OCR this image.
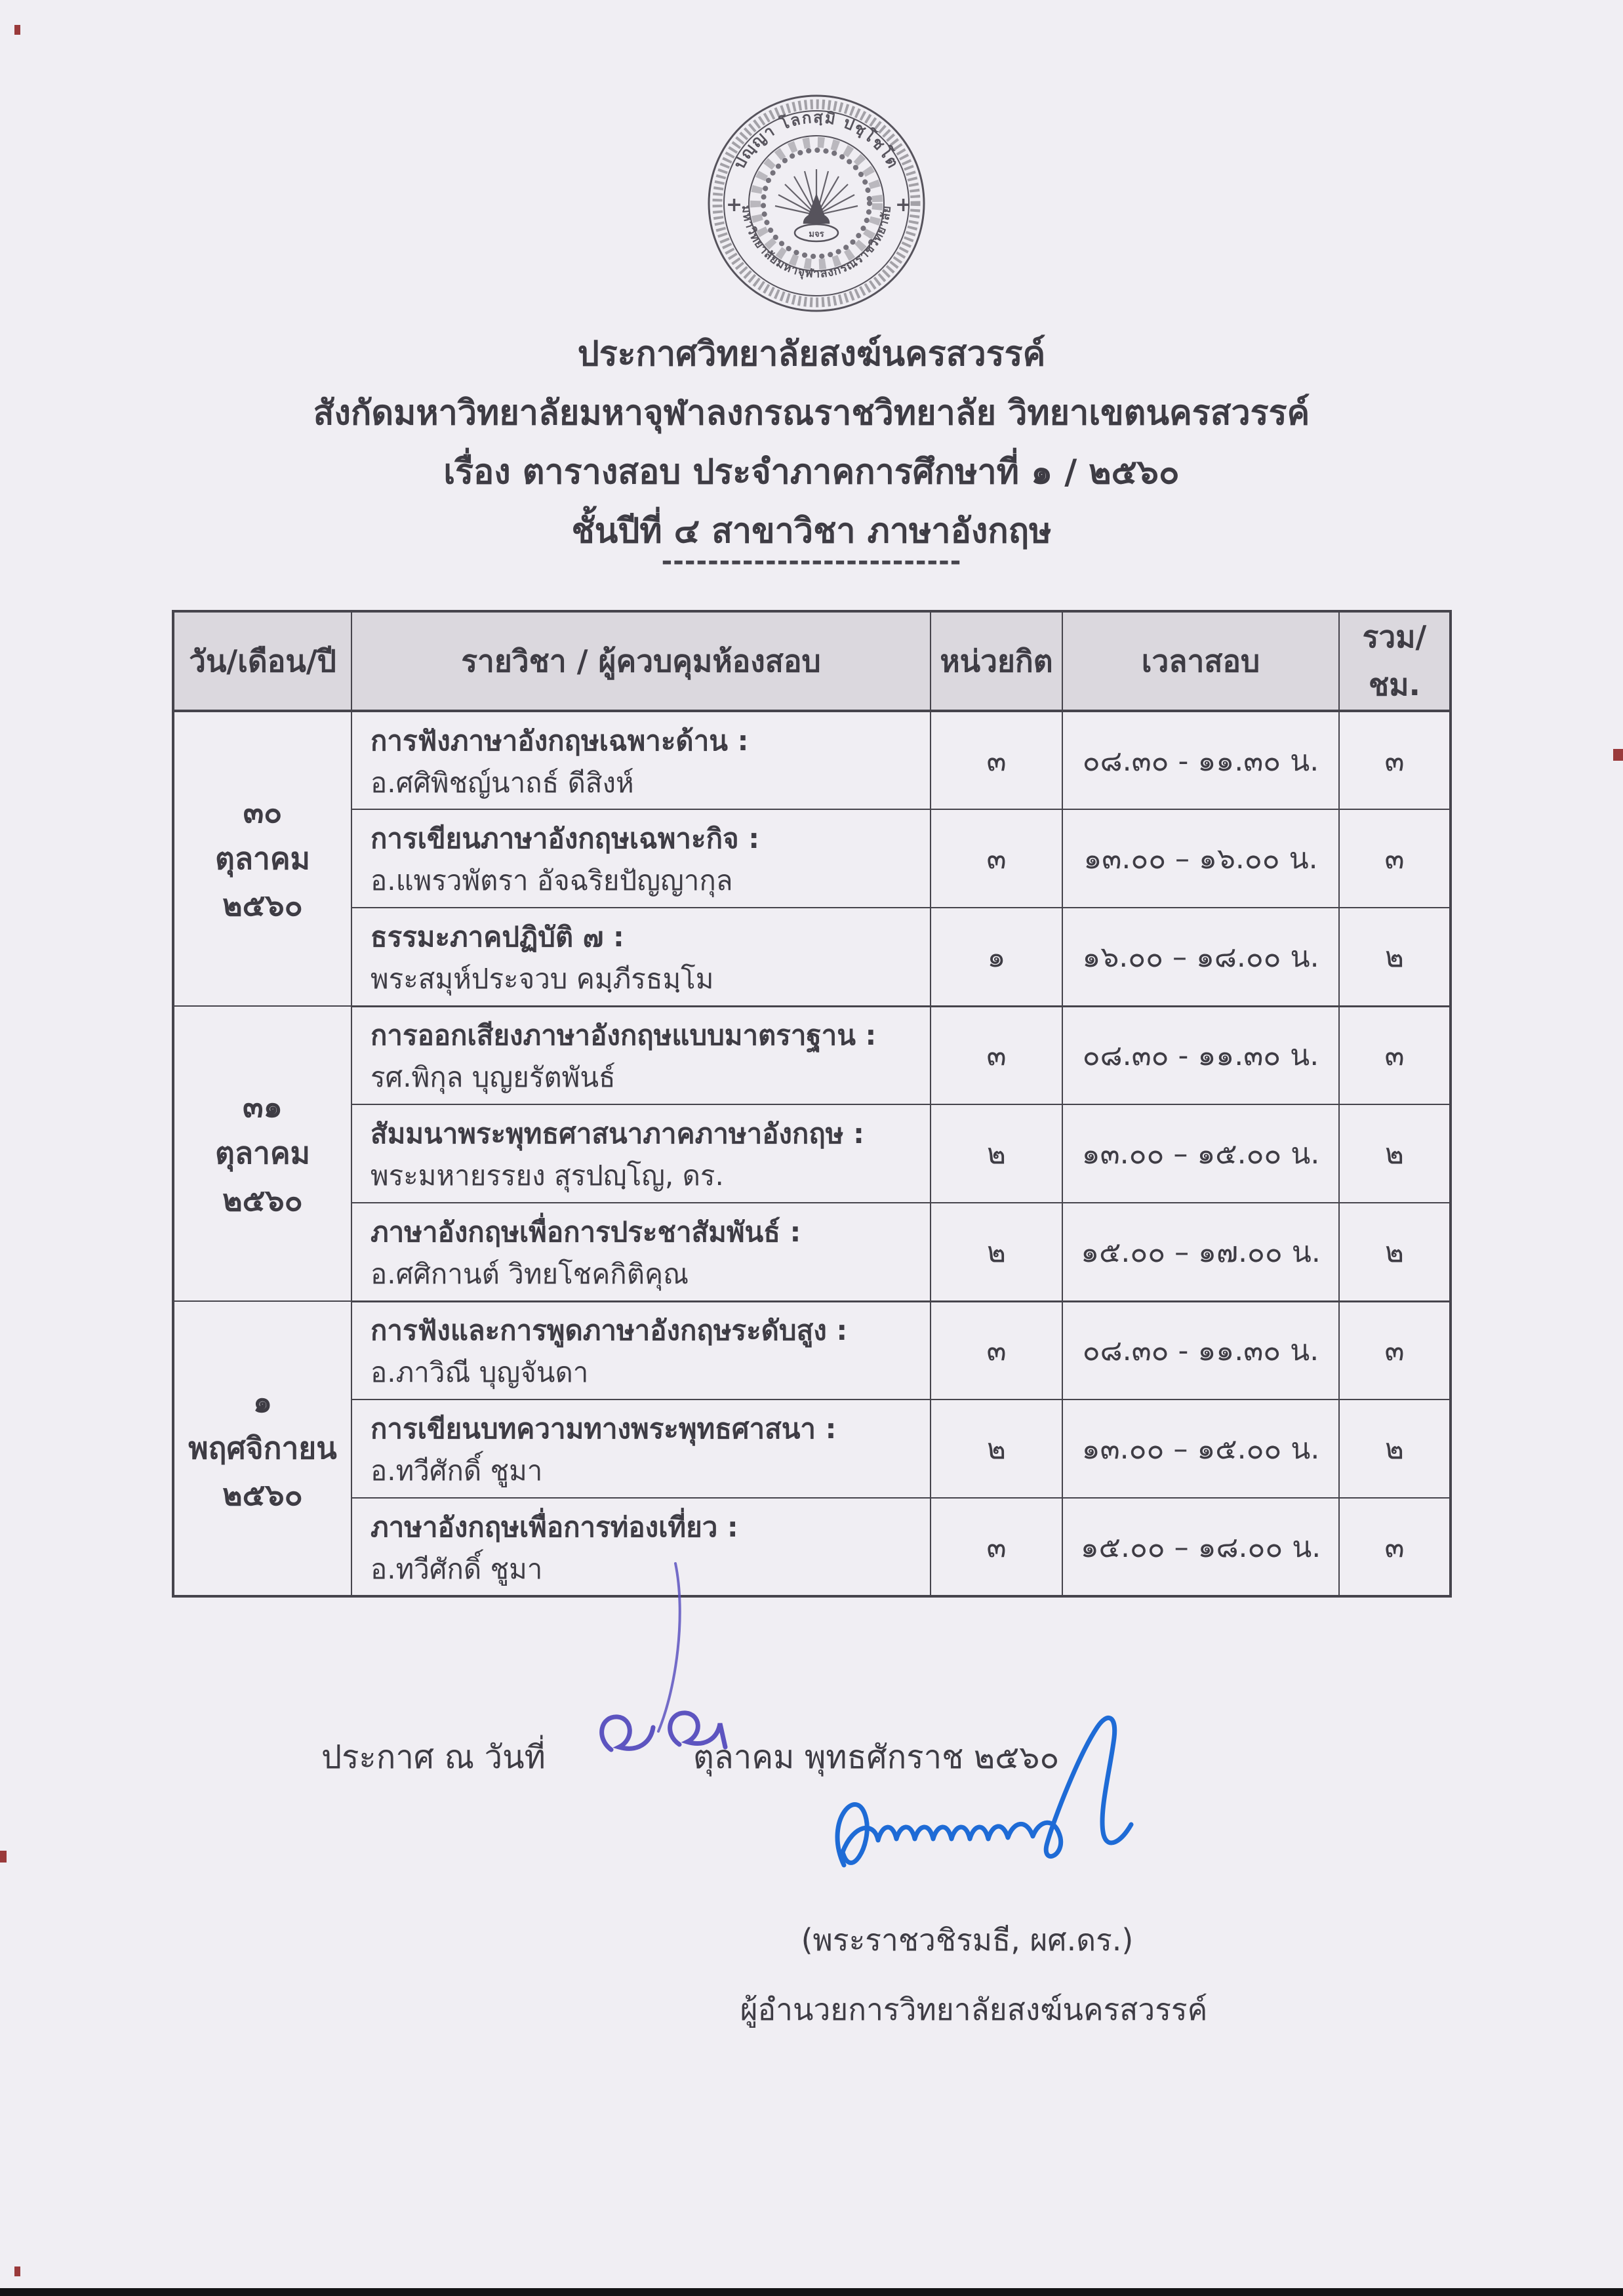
ปญฺญา โลกสฺมิ ปชฺโชโต
มหาวิทยาลัยมหาจุฬาลงกรณราชวิทยาลัย
+	+
มจร
ประกาศวิทยาลัยสงฆ์นครสวรรค์
สังกัดมหาวิทยาลัยมหาจุฬาลงกรณราชวิทยาลัย วิทยาเขตนครสวรรค์
เรื่อง ตารางสอบ ประจำภาคการศึกษาที่ ๑ / ๒๕๖๐
ชั้นปีที่ ๔ สาขาวิชา ภาษาอังกฤษ
--------------------------
วัน/เดือน/ปี	รายวิชา / ผู้ควบคุมห้องสอบ	หน่วยกิต	เวลาสอบ	รวม/ชม.

๓๐
ตุลาคม
๒๕๖๐

การฟังภาษาอังกฤษเฉพาะด้าน :
อ.ศศิพิชญ์นาถธ์ ดีสิงห์
	๓	๐๘.๓๐ - ๑๑.๓๐ น.	๓

	การเขียนภาษาอังกฤษเฉพาะกิจ :
อ.แพรวพัตรา อัจฉริยปัญญากุล	๓	๑๓.๐๐ – ๑๖.๐๐ น.	๓

	ธรรมะภาคปฏิบัติ ๗ :
พระสมุห์ประจวบ คมฺภีรธมฺโม	๑	๑๖.๐๐ – ๑๘.๐๐ น.	๒

๓๑
ตุลาคม
๒๕๖๐

การออกเสียงภาษาอังกฤษแบบมาตราฐาน :
รศ.พิกุล บุญยรัตพันธ์
	๓	๐๘.๓๐ - ๑๑.๓๐ น.	๓

	สัมมนาพระพุทธศาสนาภาคภาษาอังกฤษ :
พระมหายรรยง สุรปญฺโญ, ดร.	๒	๑๓.๐๐ – ๑๕.๐๐ น.	๒

	ภาษาอังกฤษเพื่อการประชาสัมพันธ์ :
อ.ศศิกานต์ วิทยโชคกิติคุณ	๒	๑๕.๐๐ – ๑๗.๐๐ น.	๒

๑
พฤศจิกายน
๒๕๖๐

การฟังและการพูดภาษาอังกฤษระดับสูง :
อ.ภาวิณี บุญจันดา
	๓	๐๘.๓๐ - ๑๑.๓๐ น.	๓

	การเขียนบทความทางพระพุทธศาสนา :
อ.ทวีศักดิ์ ชูมา	๒	๑๓.๐๐ – ๑๕.๐๐ น.	๒

	ภาษาอังกฤษเพื่อการท่องเที่ยว :
อ.ทวีศักดิ์ ชูมา	๓	๑๕.๐๐ – ๑๘.๐๐ น.	๓
ประกาศ ณ วันที่	ตุลาคม พุทธศักราช ๒๕๖๐
(พระราชวชิรมธี, ผศ.ดร.)
ผู้อำนวยการวิทยาลัยสงฆ์นครสวรรค์
